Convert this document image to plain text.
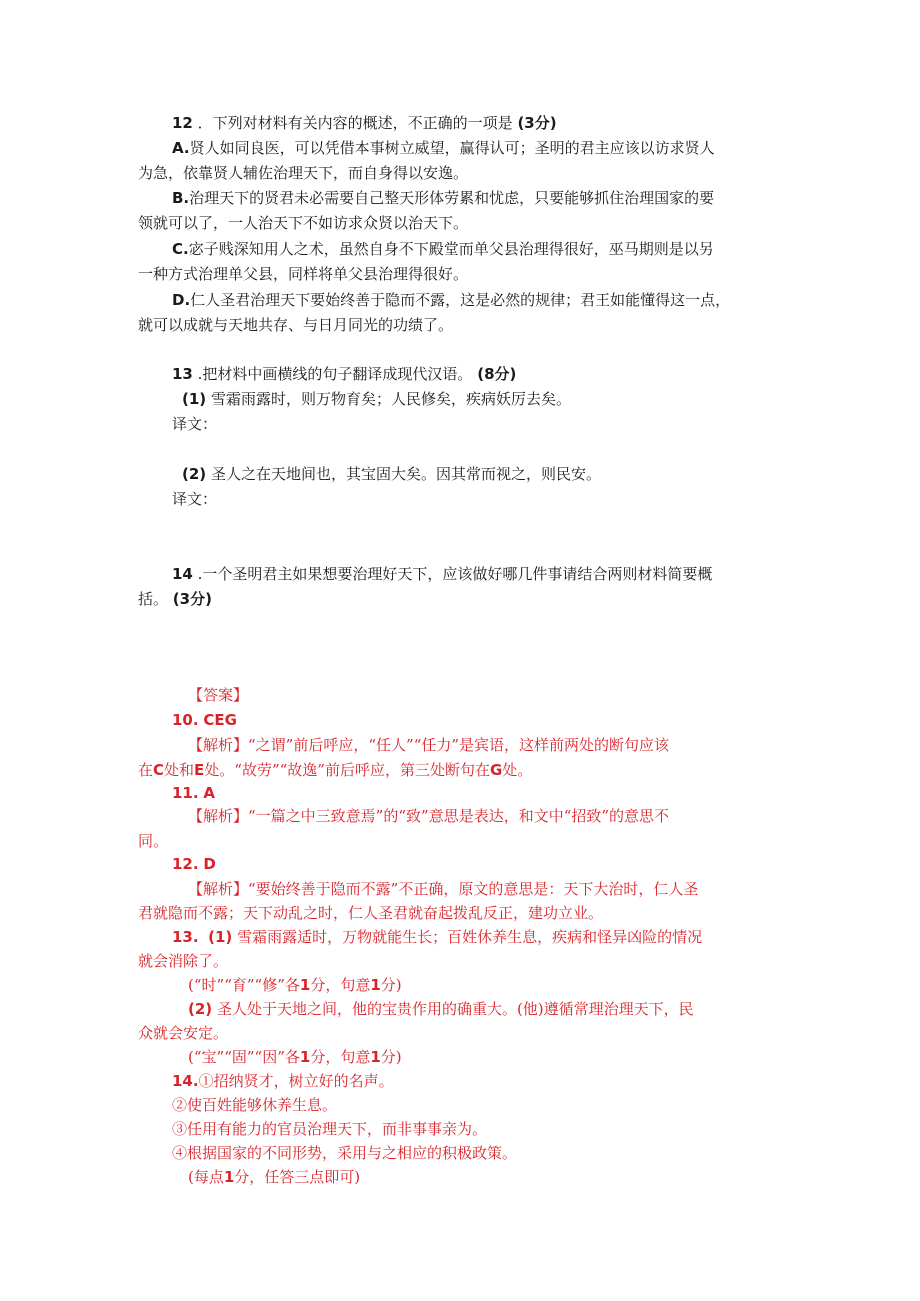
12 ．下列对材料有关内容的概述，不正确的一项是 (3分)
A.贤人如同良医，可以凭借本事树立威望，赢得认可；圣明的君主应该以访求贤人
为急，依靠贤人辅佐治理天下，而自身得以安逸。
B.治理天下的贤君未必需要自己整天形体劳累和忧虑，只要能够抓住治理国家的要
领就可以了，一人治天下不如访求众贤以治天下。
C.宓子贱深知用人之术，虽然自身不下殿堂而单父县治理得很好，巫马期则是以另
一种方式治理单父县，同样将单父县治理得很好。
D.仁人圣君治理天下要始终善于隐而不露，这是必然的规律；君王如能懂得这一点，
就可以成就与天地共存、与日月同光的功绩了。
13 .把材料中画横线的句子翻译成现代汉语。 (8分)
(1) 雪霜雨露时，则万物育矣；人民修矣，疾病妖厉去矣。
译文：
(2) 圣人之在天地间也，其宝固大矣。因其常而视之，则民安。
译文：
14 .一个圣明君主如果想要治理好天下，应该做好哪几件事请结合两则材料简要概
括。 (3分)
【答案】
10. CEG
【解析】“之谓”前后呼应，“任人”“任力”是宾语，这样前两处的断句应该
在C处和E处。“故劳”“故逸”前后呼应，第三处断句在G处。
11. A
【解析】“一篇之中三致意焉”的“致”意思是表达，和文中“招致”的意思不
同。
12. D
【解析】“要始终善于隐而不露”不正确，原文的意思是：天下大治时，仁人圣
君就隐而不露；天下动乱之时，仁人圣君就奋起拨乱反正，建功立业。
13. (1) 雪霜雨露适时，万物就能生长；百姓休养生息，疾病和怪异凶险的情况
就会消除了。
(“时”“育”“修”各1分，句意1分)
(2) 圣人处于天地之间，他的宝贵作用的确重大。(他)遵循常理治理天下，民
众就会安定。
(“宝”“固”“因”各1分，句意1分)
14.①招纳贤才，树立好的名声。
②使百姓能够休养生息。
③任用有能力的官员治理天下，而非事事亲为。
④根据国家的不同形势，采用与之相应的积极政策。
(每点1分，任答三点即可)
